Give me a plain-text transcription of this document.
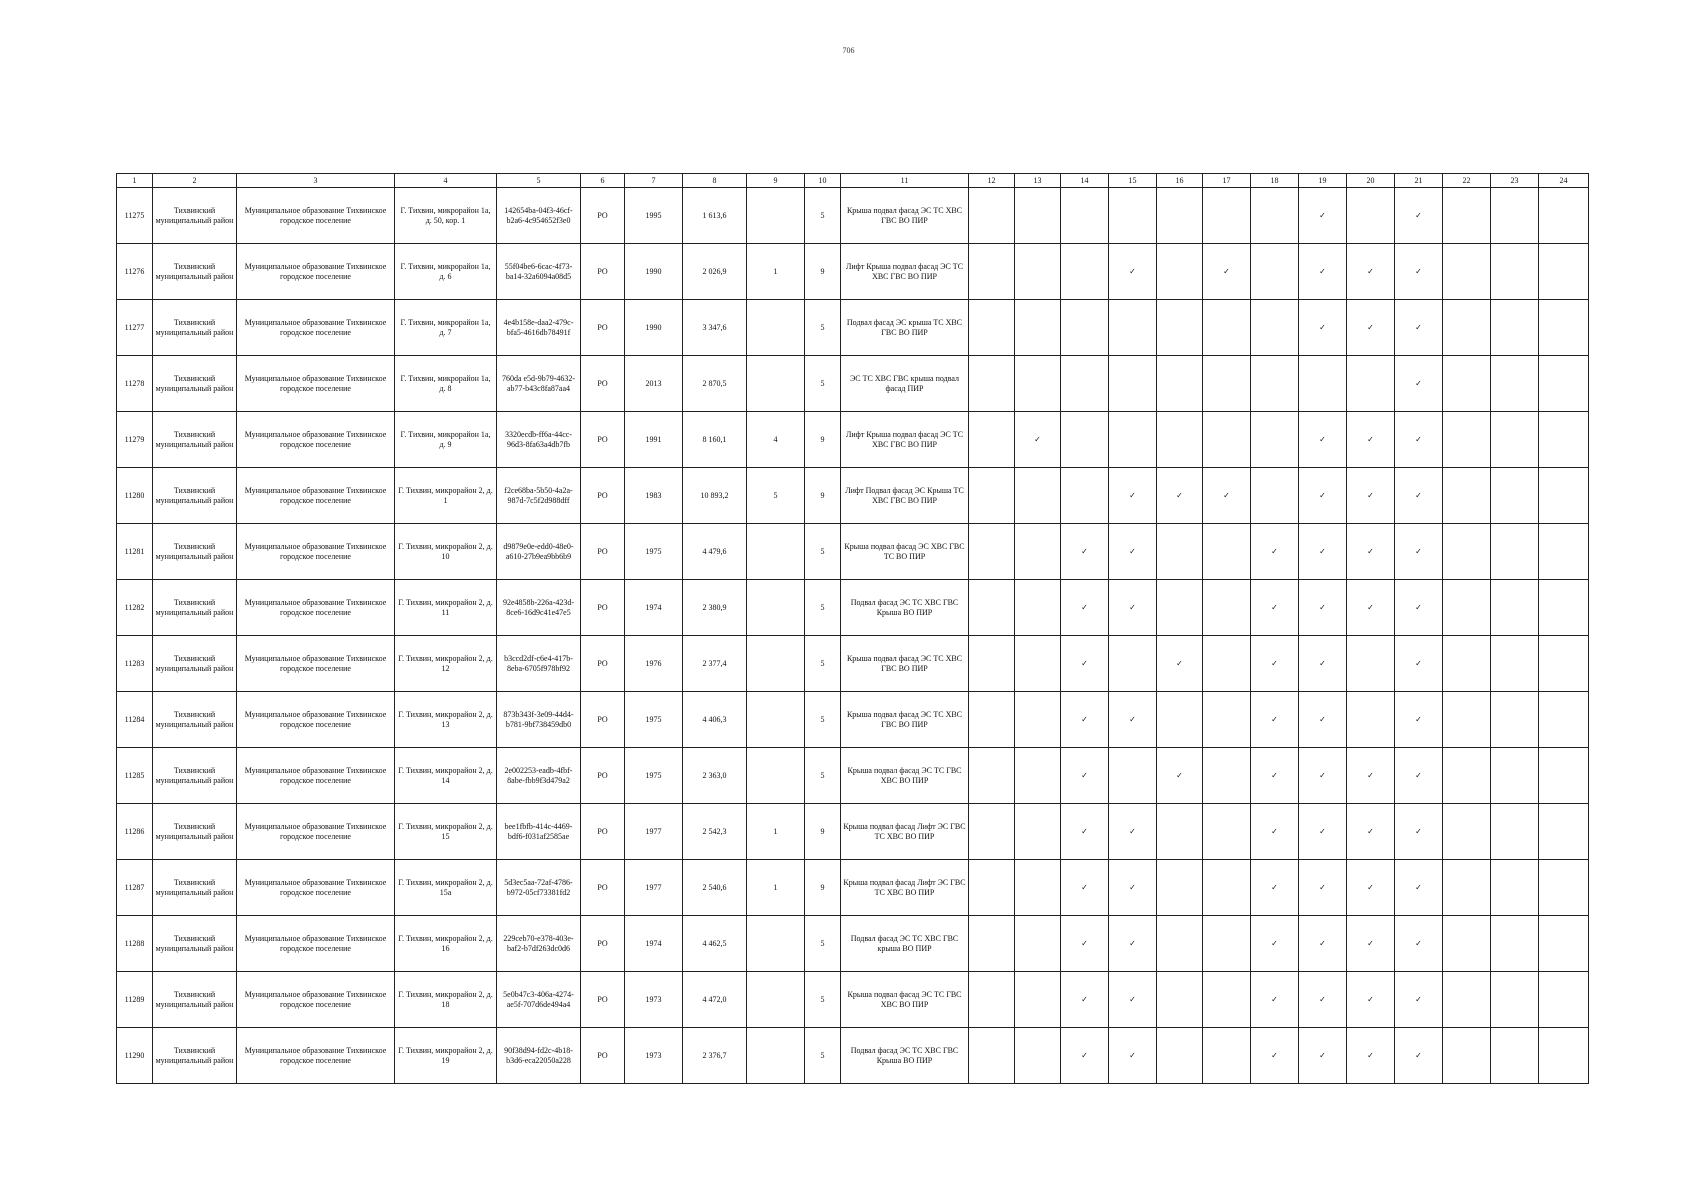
706
1	2	3	4	5	6	7	8	9	10	11	12	13	14	15	16	17	18	19	20	21	22	23	24
11275	Тихвинский муниципальный район	Муниципальное образование Тихвинское городское поселение	Г. Тихвин, микрорайон 1а, д. 50, кор. 1	142654ba-04f3-46cf-b2a6-4c954652f3e0	РО	1995	1 613,6		5	Крыша подвал фасад ЭС ТС ХВС ГВС ВО ПИР								✓		✓			
11276	Тихвинский муниципальный район	Муниципальное образование Тихвинское городское поселение	Г. Тихвин, микрорайон 1а, д. 6	55f04be6-6cac-4f73-ba14-32a6094a08d5	РО	1990	2 026,9	1	9	Лифт Крыша подвал фасад ЭС ТС ХВС ГВС ВО ПИР				✓		✓		✓	✓	✓			
11277	Тихвинский муниципальный район	Муниципальное образование Тихвинское городское поселение	Г. Тихвин, микрорайон 1а, д. 7	4e4b158e-daa2-479c-bfa5-4616db78491f	РО	1990	3 347,6		5	Подвал фасад ЭС крыша ТС ХВС ГВС ВО ПИР								✓	✓	✓			
11278	Тихвинский муниципальный район	Муниципальное образование Тихвинское городское поселение	Г. Тихвин, микрорайон 1а, д. 8	760da e5d-9b79-4632-ab77-b43c8fa87aa4	РО	2013	2 870,5		5	ЭС ТС ХВС ГВС крыша подвал фасад ПИР										✓			
11279	Тихвинский муниципальный район	Муниципальное образование Тихвинское городское поселение	Г. Тихвин, микрорайон 1а, д. 9	3320ecdb-ff6a-44cc-96d3-8fa63a4db7fb	РО	1991	8 160,1	4	9	Лифт Крыша подвал фасад ЭС ТС ХВС ГВС ВО ПИР		✓						✓	✓	✓			
11280	Тихвинский муниципальный район	Муниципальное образование Тихвинское городское поселение	Г. Тихвин, микрорайон 2, д. 1	f2ce68ba-5b50-4a2a-987d-7c5f2d988dff	РО	1983	10 893,2	5	9	Лифт Подвал фасад ЭС Крыша ТС ХВС ГВС ВО ПИР				✓	✓	✓		✓	✓	✓			
11281	Тихвинский муниципальный район	Муниципальное образование Тихвинское городское поселение	Г. Тихвин, микрорайон 2, д. 10	d9879e0e-edd0-48e0-a610-27b9ea9bb6b9	РО	1975	4 479,6		5	Крыша подвал фасад ЭС ХВС ГВС ТС ВО ПИР			✓	✓			✓	✓	✓	✓			
11282	Тихвинский муниципальный район	Муниципальное образование Тихвинское городское поселение	Г. Тихвин, микрорайон 2, д. 11	92e4858b-226a-423d-8ce6-16d9c41e47e5	РО	1974	2 380,9		5	Подвал фасад ЭС ТС ХВС ГВС Крыша ВО ПИР			✓	✓			✓	✓	✓	✓			
11283	Тихвинский муниципальный район	Муниципальное образование Тихвинское городское поселение	Г. Тихвин, микрорайон 2, д. 12	b3ccd2df-c6e4-417b-8eba-6705f978bf92	РО	1976	2 377,4		5	Крыша подвал фасад ЭС ТС ХВС ГВС ВО ПИР			✓		✓		✓	✓		✓			
11284	Тихвинский муниципальный район	Муниципальное образование Тихвинское городское поселение	Г. Тихвин, микрорайон 2, д. 13	873b343f-3e09-44d4-b781-9bf738459db0	РО	1975	4 406,3		5	Крыша подвал фасад ЭС ТС ХВС ГВС ВО ПИР			✓	✓			✓	✓		✓			
11285	Тихвинский муниципальный район	Муниципальное образование Тихвинское городское поселение	Г. Тихвин, микрорайон 2, д. 14	2e002253-eadb-4fbf-8abe-fbb9f3d479a2	РО	1975	2 363,0		5	Крыша подвал фасад ЭС ТС ГВС ХВС ВО ПИР			✓		✓		✓	✓	✓	✓			
11286	Тихвинский муниципальный район	Муниципальное образование Тихвинское городское поселение	Г. Тихвин, микрорайон 2, д. 15	bee1fbfb-414c-4469-bdf6-f031af2585ae	РО	1977	2 542,3	1	9	Крыша подвал фасад Лифт ЭС ГВС ТС ХВС ВО ПИР			✓	✓			✓	✓	✓	✓			
11287	Тихвинский муниципальный район	Муниципальное образование Тихвинское городское поселение	Г. Тихвин, микрорайон 2, д. 15а	5d3ec5aa-72af-4786-b972-05cf73381fd2	РО	1977	2 540,6	1	9	Крыша подвал фасад Лифт ЭС ГВС ТС ХВС ВО ПИР			✓	✓			✓	✓	✓	✓			
11288	Тихвинский муниципальный район	Муниципальное образование Тихвинское городское поселение	Г. Тихвин, микрорайон 2, д. 16	229ceb70-e378-403e-baf2-b7df263dc0d6	РО	1974	4 462,5		5	Подвал фасад ЭС ТС ХВС ГВС крыша ВО ПИР			✓	✓			✓	✓	✓	✓			
11289	Тихвинский муниципальный район	Муниципальное образование Тихвинское городское поселение	Г. Тихвин, микрорайон 2, д. 18	5e0b47c3-406a-4274-ae5f-707d6de494a4	РО	1973	4 472,0		5	Крыша подвал фасад ЭС ТС ГВС ХВС ВО ПИР			✓	✓			✓	✓	✓	✓			
11290	Тихвинский муниципальный район	Муниципальное образование Тихвинское городское поселение	Г. Тихвин, микрорайон 2, д. 19	90f38d94-fd2c-4b18-b3d6-eca22050a228	РО	1973	2 376,7		5	Подвал фасад ЭС ТС ХВС ГВС Крыша ВО ПИР			✓	✓			✓	✓	✓	✓			
